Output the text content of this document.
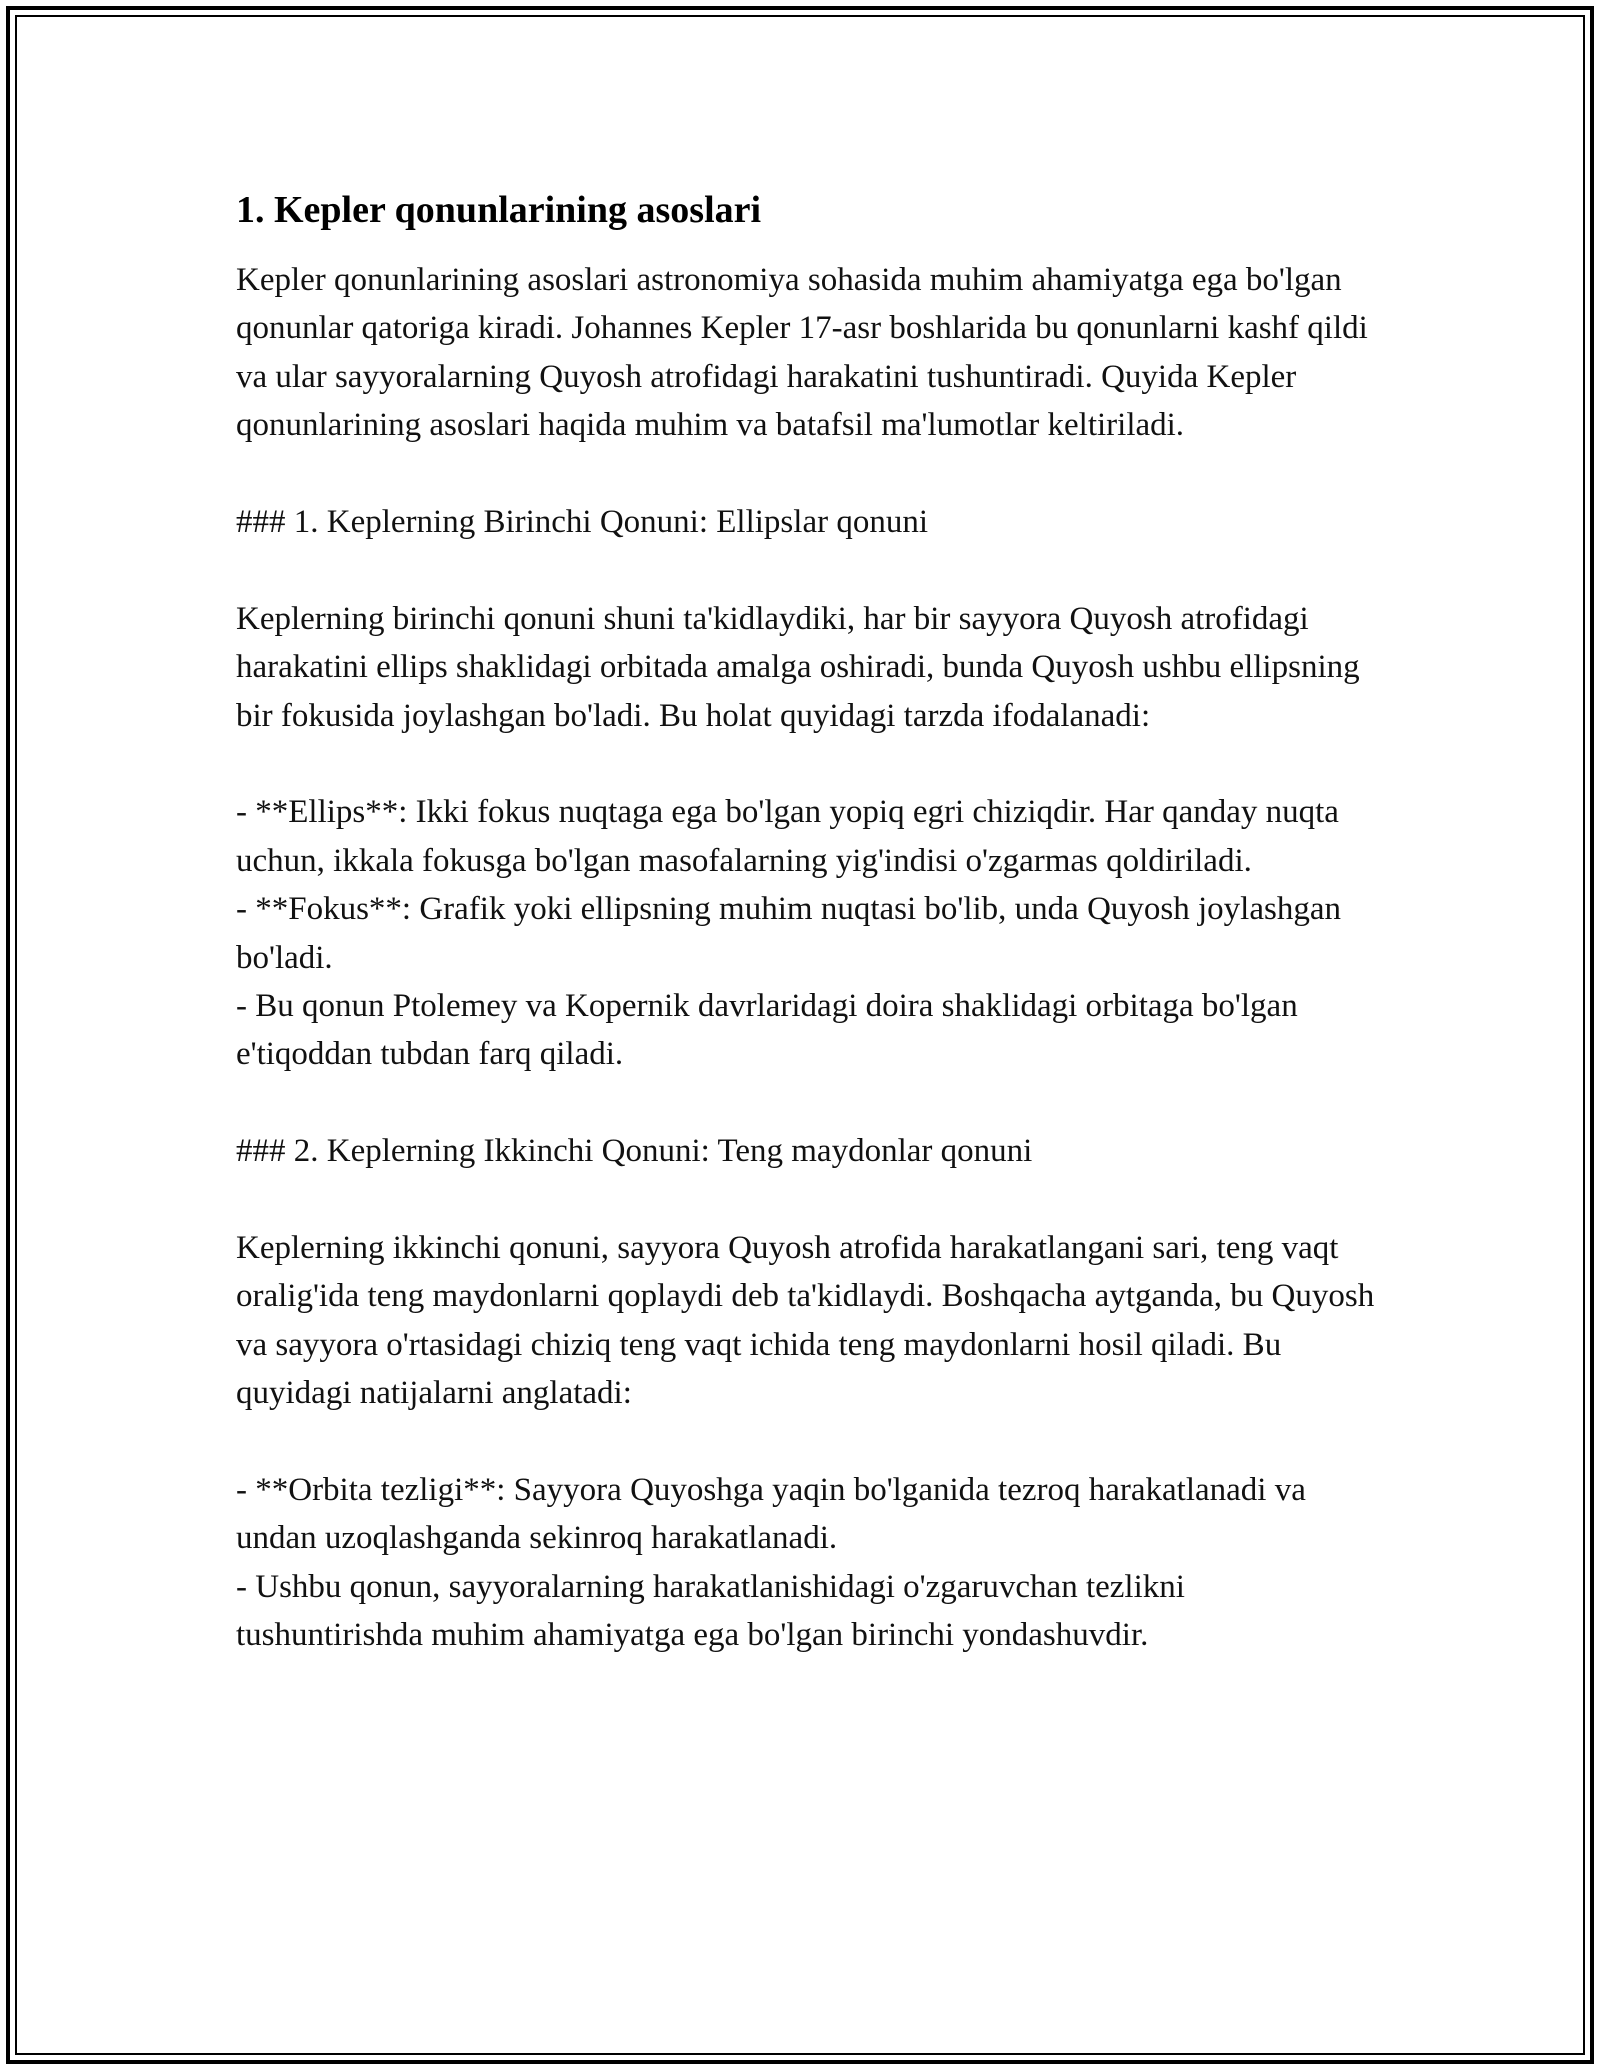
1. Kepler qonunlarining asoslari

Kepler qonunlarining asoslari astronomiya sohasida muhim ahamiyatga ega bo'lgan qonunlar qatoriga kiradi. Johannes Kepler 17-asr boshlarida bu qonunlarni kashf qildi va ular sayyoralarning Quyosh atrofidagi harakatini tushuntiradi. Quyida Kepler qonunlarining asoslari haqida muhim va batafsil ma'lumotlar keltiriladi.

### 1. Keplerning Birinchi Qonuni: Ellipslar qonuni

Keplerning birinchi qonuni shuni ta'kidlaydiki, har bir sayyora Quyosh atrofidagi harakatini ellips shaklidagi orbitada amalga oshiradi, bunda Quyosh ushbu ellipsning bir fokusida joylashgan bo'ladi. Bu holat quyidagi tarzda ifodalanadi:

- **Ellips**: Ikki fokus nuqtaga ega bo'lgan yopiq egri chiziqdir. Har qanday nuqta uchun, ikkala fokusga bo'lgan masofalarning yig'indisi o'zgarmas qoldiriladi.

- **Fokus**: Grafik yoki ellipsning muhim nuqtasi bo'lib, unda Quyosh joylashgan bo'ladi.

- Bu qonun Ptolemey va Kopernik davrlaridagi doira shaklidagi orbitaga bo'lgan e'tiqoddan tubdan farq qiladi.

### 2. Keplerning Ikkinchi Qonuni: Teng maydonlar qonuni

Keplerning ikkinchi qonuni, sayyora Quyosh atrofida harakatlangani sari, teng vaqt oralig'ida teng maydonlarni qoplaydi deb ta'kidlaydi. Boshqacha aytganda, bu Quyosh va sayyora o'rtasidagi chiziq teng vaqt ichida teng maydonlarni hosil qiladi. Bu quyidagi natijalarni anglatadi:

- **Orbita tezligi**: Sayyora Quyoshga yaqin bo'lganida tezroq harakatlanadi va undan uzoqlashganda sekinroq harakatlanadi.

- Ushbu qonun, sayyoralarning harakatlanishidagi o'zgaruvchan tezlikni tushuntirishda muhim ahamiyatga ega bo'lgan birinchi yondashuvdir.
